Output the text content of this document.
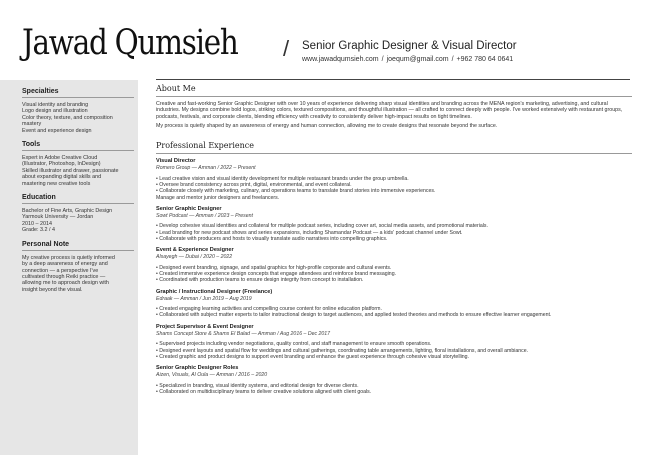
Jawad Qumsieh / Senior Graphic Designer & Visual Director
www.jawadqumsieh.com / joequm@gmail.com / +962 780 64 0641
Specialties
Visual identity and branding
Logo design and illustration
Color theory, texture, and composition
mastery
Event and experience design
Tools
Expert in Adobe Creative Cloud
(Illustrator, Photoshop, InDesign)
Skilled illustrator and drawer, passionate
about expanding digital skills and
mastering new creative tools
Education
Bachelor of Fine Arts, Graphic Design
Yarmouk University — Jordan
2010 – 2014
Grade: 3.2 / 4
Personal Note
My creative process is quietly informed
by a deep awareness of energy and
connection — a perspective I've
cultivated through Reiki practice —
allowing me to approach design with
insight beyond the visual.
About Me

Creative and fast-working Senior Graphic Designer with over 10 years of experience delivering sharp visual identities and branding across the MENA region's marketing, advertising, and cultural industries. My designs combine bold logos, striking colors, textured compositions, and thoughtful illustration — all crafted to connect deeply with people. I've worked extensively with restaurant groups, podcasts, festivals, and corporate clients, blending efficiency with creativity to consistently deliver high-impact results on tight timelines.

My process is quietly shaped by an awareness of energy and human connection, allowing me to create designs that resonate beyond the surface.

Professional Experience
Visual Director
Romero Group — Amman / 2022 – Present
• Lead creative vision and visual identity development for multiple restaurant brands under the group umbrella.
• Oversee brand consistency across print, digital, environmental, and event collateral.
• Collaborate closely with marketing, culinary, and operations teams to translate brand stories into immersive experiences.
Manage and mentor junior designers and freelancers.
Senior Graphic Designer
Sowt Podcast — Amman / 2023 – Present
• Develop cohesive visual identities and collateral for multiple podcast series, including cover art, social media assets, and promotional materials.
• Lead branding for new podcast shows and series expansions, including Shamandar Podcast — a kids' podcast channel under Sowt.
• Collaborate with producers and hosts to visually translate audio narratives into compelling graphics.
Event & Experience Designer
Alsayegh — Dubai / 2020 – 2022
• Designed event branding, signage, and spatial graphics for high-profile corporate and cultural events.
• Created immersive experience design concepts that engage attendees and reinforce brand messaging.
• Coordinated with production teams to ensure design integrity from concept to installation.
Graphic / Instructional Designer (Freelance)
Edraak — Amman / Jun 2019 – Aug 2019
• Created engaging learning activities and compelling course content for online education platform.
• Collaborated with subject matter experts to tailor instructional design to target audiences, and applied tested theories and methods to ensure effective learner engagement.
Project Supervisor & Event Designer
Shams Concept Store & Shams El Balad — Amman / Aug 2016 – Dec 2017
• Supervised projects including vendor negotiations, quality control, and staff management to ensure smooth operations.
• Designed event layouts and spatial flow for weddings and cultural gatherings, coordinating table arrangements, lighting, floral installations, and overall ambiance.
• Created graphic and product designs to support event branding and enhance the guest experience through cohesive visual storytelling.
Senior Graphic Designer Roles
Aizen, Visuals, Al Oula — Amman / 2016 – 2020
• Specialized in branding, visual identity systems, and editorial design for diverse clients.
• Collaborated on multidisciplinary teams to deliver creative solutions aligned with client goals.
